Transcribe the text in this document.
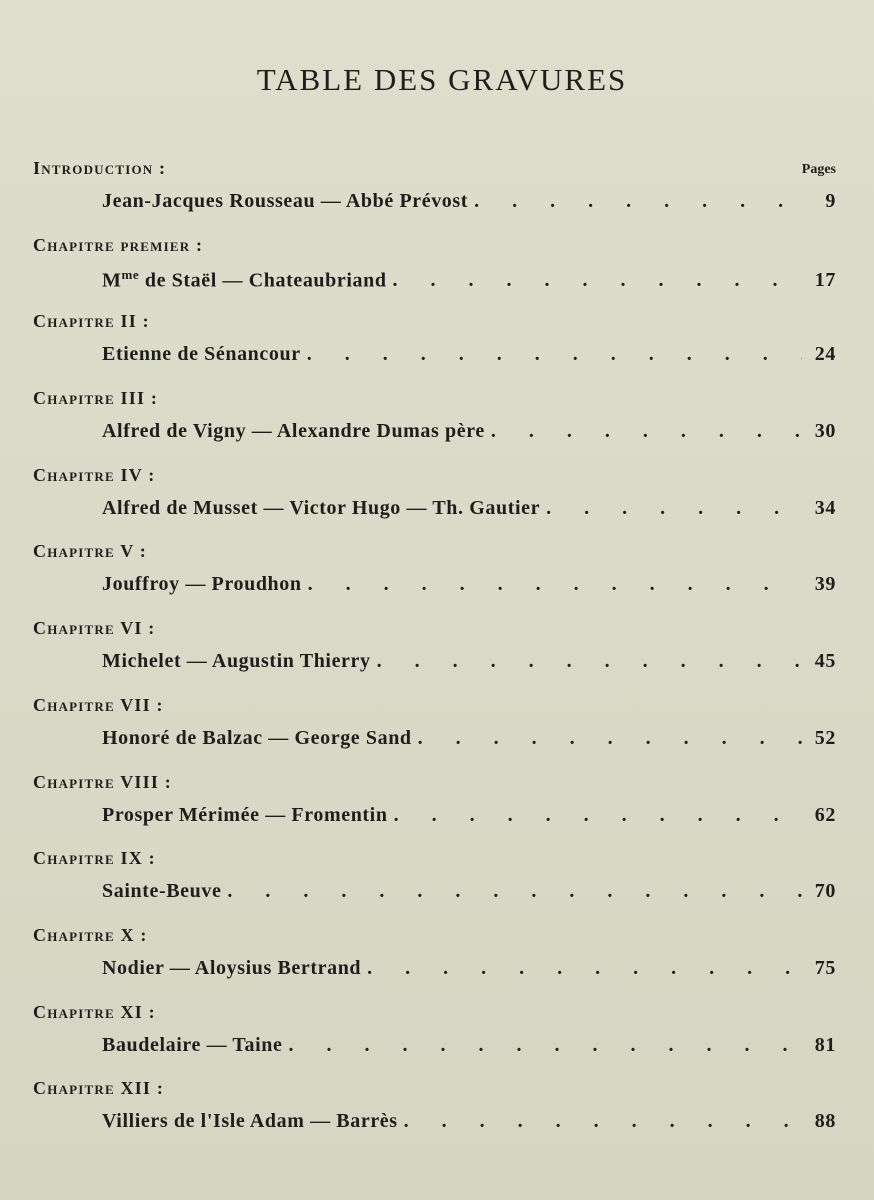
TABLE DES GRAVURES
Pages
Introduction :
Jean-Jacques Rousseau — Abbé Prévost . . .	9
Chapitre premier :
$M^{me}$ de Staël — Chateaubriand . . .	17
Chapitre II :
Etienne de Sénancour . . .	24
Chapitre III :
Alfred de Vigny — Alexandre Dumas père . . .	30
Chapitre IV :
Alfred de Musset — Victor Hugo — Th. Gautier . . .	34
Chapitre V :
Jouffroy — Proudhon . . .	39
Chapitre VI :
Michelet — Augustin Thierry . . .	45
Chapitre VII :
Honoré de Balzac — George Sand . . .	52
Chapitre VIII :
Prosper Mérimée — Fromentin . . .	62
Chapitre IX :
Sainte-Beuve . . .	70
Chapitre X :
Nodier — Aloysius Bertrand . . .	75
Chapitre XI :
Baudelaire — Taine . . .	81
Chapitre XII :
Villiers de l'Isle Adam — Barrès . . .	88
